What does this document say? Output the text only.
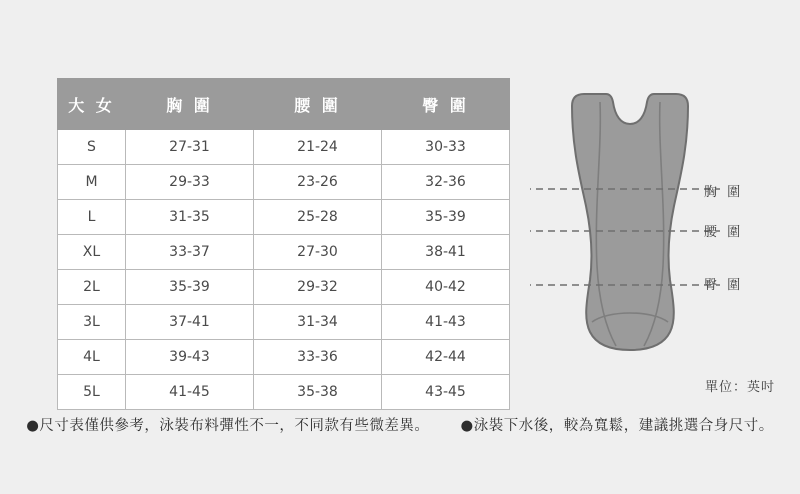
大 女	胸 圍	腰 圍	臀 圍
S	27-31	21-24	30-33
M	29-33	23-26	32-36
L	31-35	25-28	35-39
XL	33-37	27-30	38-41
2L	35-39	29-32	40-42
3L	37-41	31-34	41-43
4L	39-43	33-36	42-44
5L	41-45	35-38	43-45
胸 圍
腰 圍
臀 圍
單位：英吋
●尺寸表僅供參考，泳裝布料彈性不一，不同款有些微差異。 ●泳裝下水後，較為寬鬆，建議挑選合身尺寸。
